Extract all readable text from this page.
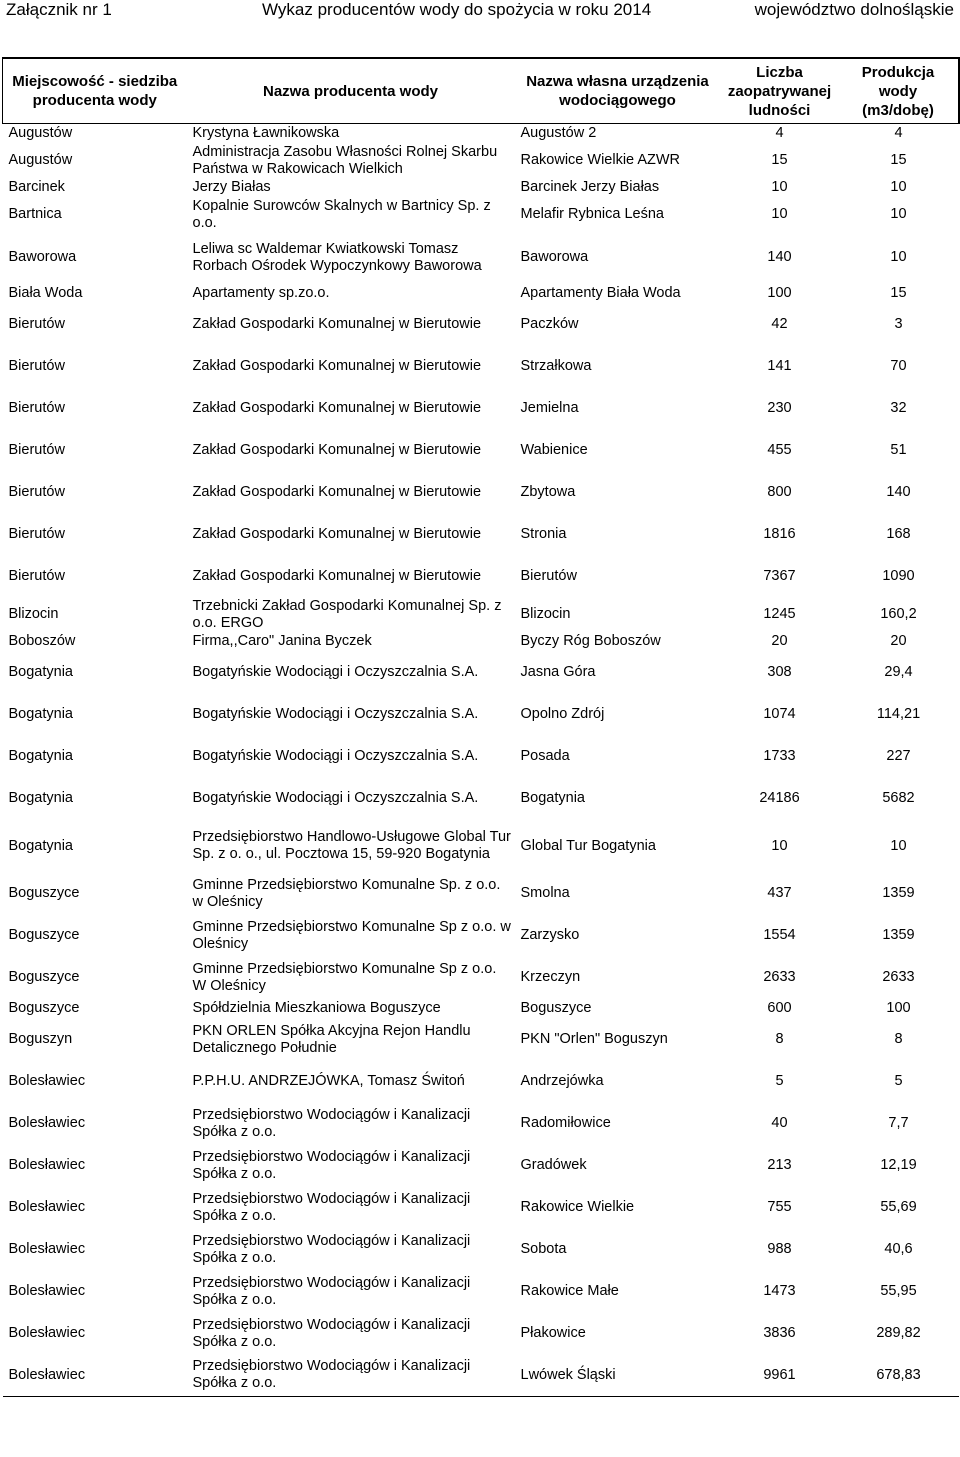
Załącznik nr 1	Wykaz producentów wody do spożycia w roku 2014	województwo dolnośląskie
Miejscowość - siedziba producenta wody	Nazwa producenta wody	Nazwa własna urządzenia wodociągowego	Liczba zaopatrywanej ludności	Produkcja wody (m3/dobę)
Augustów	Krystyna Ławnikowska	Augustów 2	4	4
Augustów	Administracja Zasobu Własności Rolnej Skarbu Państwa w Rakowicach Wielkich	Rakowice Wielkie AZWR	15	15
Barcinek	Jerzy Białas	Barcinek Jerzy Białas	10	10
Bartnica	Kopalnie Surowców Skalnych w Bartnicy Sp. z o.o.	Melafir Rybnica Leśna	10	10
Baworowa	Leliwa sc Waldemar Kwiatkowski Tomasz Rorbach Ośrodek Wypoczynkowy Baworowa	Baworowa	140	10
Biała Woda	Apartamenty sp.zo.o.	Apartamenty Biała Woda	100	15
Bierutów	Zakład Gospodarki Komunalnej w Bierutowie	Paczków	42	3
Bierutów	Zakład Gospodarki Komunalnej w Bierutowie	Strzałkowa	141	70
Bierutów	Zakład Gospodarki Komunalnej w Bierutowie	Jemielna	230	32
Bierutów	Zakład Gospodarki Komunalnej w Bierutowie	Wabienice	455	51
Bierutów	Zakład Gospodarki Komunalnej w Bierutowie	Zbytowa	800	140
Bierutów	Zakład Gospodarki Komunalnej w Bierutowie	Stronia	1816	168
Bierutów	Zakład Gospodarki Komunalnej w Bierutowie	Bierutów	7367	1090
Blizocin	Trzebnicki Zakład Gospodarki Komunalnej Sp. z o.o. ERGO	Blizocin	1245	160,2
Boboszów	Firma,,Caro" Janina Byczek	Byczy Róg Boboszów	20	20
Bogatynia	Bogatyńskie Wodociągi i Oczyszczalnia S.A.	Jasna Góra	308	29,4
Bogatynia	Bogatyńskie Wodociągi i Oczyszczalnia S.A.	Opolno Zdrój	1074	114,21
Bogatynia	Bogatyńskie Wodociągi i Oczyszczalnia S.A.	Posada	1733	227
Bogatynia	Bogatyńskie Wodociągi i Oczyszczalnia S.A.	Bogatynia	24186	5682
Bogatynia	Przedsiębiorstwo Handlowo-Usługowe Global Tur Sp. z o. o., ul. Pocztowa 15, 59-920 Bogatynia	Global Tur Bogatynia	10	10
Boguszyce	Gminne Przedsiębiorstwo Komunalne Sp. z o.o. w Oleśnicy	Smolna	437	1359
Boguszyce	Gminne Przedsiębiorstwo Komunalne Sp z o.o. w Oleśnicy	Zarzysko	1554	1359
Boguszyce	Gminne Przedsiębiorstwo Komunalne Sp z o.o. W Oleśnicy	Krzeczyn	2633	2633
Boguszyce	Spółdzielnia Mieszkaniowa Boguszyce	Boguszyce	600	100
Boguszyn	PKN ORLEN Spółka Akcyjna Rejon Handlu Detalicznego Południe	PKN "Orlen" Boguszyn	8	8
Bolesławiec	P.P.H.U. ANDRZEJÓWKA, Tomasz Świtoń	Andrzejówka	5	5
Bolesławiec	Przedsiębiorstwo Wodociągów i Kanalizacji Spółka z o.o.	Radomiłowice	40	7,7
Bolesławiec	Przedsiębiorstwo Wodociągów i Kanalizacji Spółka z o.o.	Gradówek	213	12,19
Bolesławiec	Przedsiębiorstwo Wodociągów i Kanalizacji Spółka z o.o.	Rakowice Wielkie	755	55,69
Bolesławiec	Przedsiębiorstwo Wodociągów i Kanalizacji Spółka z o.o.	Sobota	988	40,6
Bolesławiec	Przedsiębiorstwo Wodociągów i Kanalizacji Spółka z o.o.	Rakowice Małe	1473	55,95
Bolesławiec	Przedsiębiorstwo Wodociągów i Kanalizacji Spółka z o.o.	Płakowice	3836	289,82
Bolesławiec	Przedsiębiorstwo Wodociągów i Kanalizacji Spółka z o.o.	Lwówek Śląski	9961	678,83
